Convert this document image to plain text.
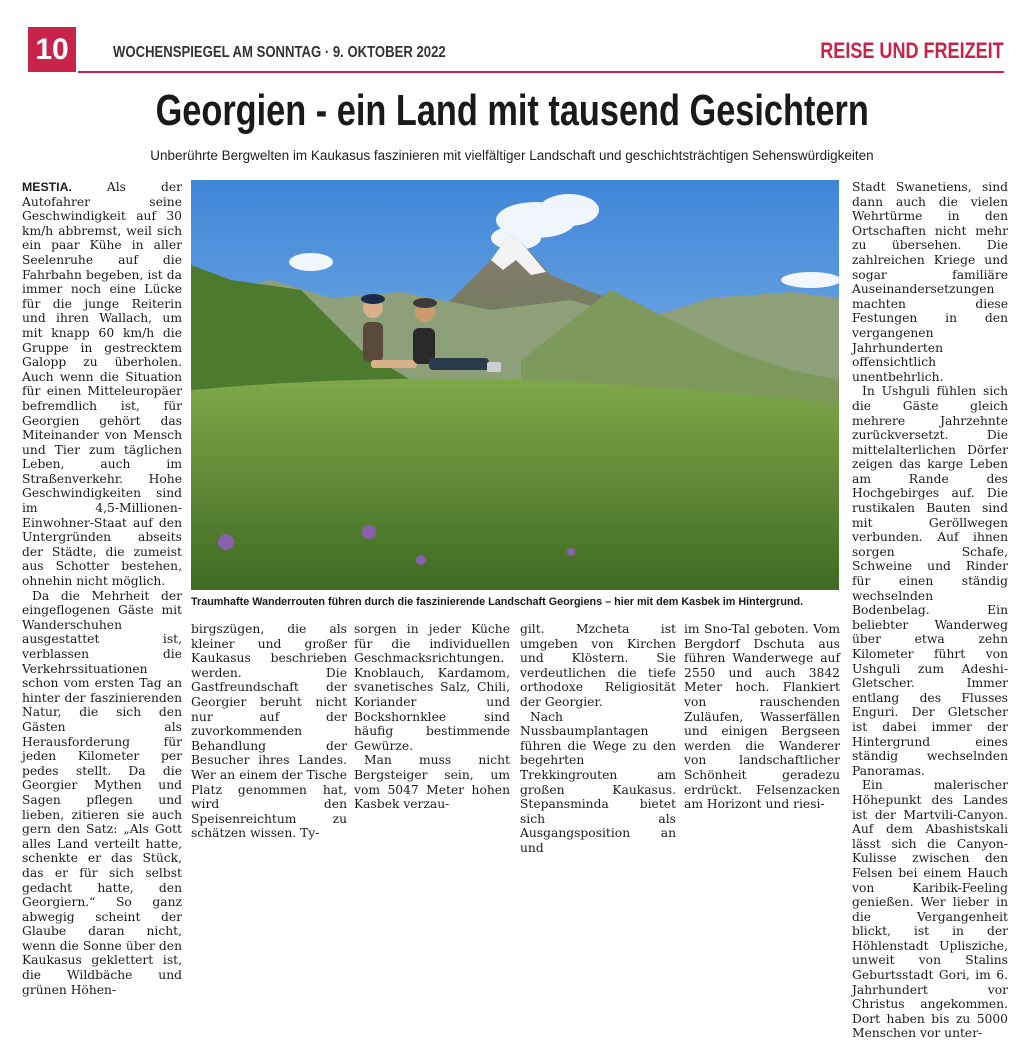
10	WOCHENSPIEGEL AM SONNTAG · 9. OKTOBER 2022	REISE UND FREIZEIT
Georgien - ein Land mit tausend Gesichtern
Unberührte Bergwelten im Kaukasus faszinieren mit vielfältiger Landschaft und geschichtsträchtigen Sehenswürdigkeiten

MESTIA.	Als der Autofahrer seine Geschwindigkeit auf 30 km/h abbremst, weil sich ein paar Kühe in aller Seelenruhe auf die Fahrbahn begeben, ist da immer noch eine Lücke für die junge Reiterin und ihren Wallach, um mit knapp 60 km/h die Gruppe in gestrecktem Galopp zu überholen. Auch wenn die Situation für einen Mitteleuropäer befremdlich ist, für Georgien gehört das Miteinander von Mensch und Tier zum täglichen Leben, auch im Straßenverkehr. Hohe Geschwindigkeiten sind im 4,5-Millionen-Einwohner-Staat auf den Untergründen abseits der Städte, die zumeist aus Schotter bestehen, ohnehin nicht möglich.

Da die Mehrheit der eingeflogenen Gäste mit Wanderschuhen ausgestattet ist, verblassen die Verkehrssituationen schon vom ersten Tag an hinter der faszinierenden Natur, die sich den Gästen als Herausforderung für jeden Kilometer per pedes stellt. Da die Georgier Mythen und Sagen pflegen und lieben, zitieren sie auch gern den Satz: „Als Gott alles Land verteilt hatte, schenkte er das Stück, das er für sich selbst gedacht hatte, den Georgiern.“ So ganz abwegig scheint der Glaube daran nicht, wenn die Sonne über den Kaukasus geklettert ist, die Wildbäche und grünen Höhen-

Traumhafte Wanderrouten führen durch die faszinierende Landschaft Georgiens – hier mit dem Kasbek im Hintergrund.

birgszügen, die als kleiner und großer Kaukasus beschrieben werden. Die Gastfreundschaft der Georgier beruht nicht nur auf der zuvorkommenden Behandlung der Besucher ihres Landes. Wer an einem der Tische Platz genommen hat, wird den Speisenreichtum zu schätzen wissen. Ty-

sorgen in jeder Küche für die individuellen Geschmacksrichtungen. Knoblauch, Kardamom, svanetisches Salz, Chili, Koriander und Bockshornklee sind häufig bestimmende Gewürze.

Man muss nicht Bergsteiger sein, um vom 5047 Meter hohen Kasbek verzau-

gilt. Mzcheta ist umgeben von Kirchen und Klöstern. Sie verdeutlichen die tiefe orthodoxe Religiosität der Georgier.

Nach Nussbaumplantagen führen die Wege zu den begehrten Trekkingrouten am großen Kaukasus. Stepansminda bietet sich als Ausgangsposition an und

im Sno-Tal geboten. Vom Bergdorf Dschuta aus führen Wanderwege auf 2550 und auch 3842 Meter hoch. Flankiert von rauschenden Zuläufen, Wasserfällen und einigen Bergseen werden die Wanderer von landschaftlicher Schönheit geradezu erdrückt. Felsenzacken am Horizont und riesi-

Stadt Swanetiens, sind dann auch die vielen Wehrtürme in den Ortschaften nicht mehr zu übersehen. Die zahlreichen Kriege und sogar familiäre Auseinandersetzungen machten diese Festungen in den vergangenen Jahrhunderten offensichtlich unentbehrlich.

In Ushguli fühlen sich die Gäste gleich mehrere Jahrzehnte zurückversetzt. Die mittelalterlichen Dörfer zeigen das karge Leben am Rande des Hochgebirges auf. Die rustikalen Bauten sind mit Geröllwegen verbunden. Auf ihnen sorgen Schafe, Schweine und Rinder für einen ständig wechselnden Bodenbelag. Ein beliebter Wanderweg über etwa zehn Kilometer führt von Ushguli zum Adeshi-Gletscher. Immer entlang des Flusses Enguri. Der Gletscher ist dabei immer der Hintergrund eines ständig wechselnden Panoramas.

Ein malerischer Höhepunkt des Landes ist der Martvili-Canyon. Auf dem Abashistskali lässt sich die Canyon-Kulisse zwischen den Felsen bei einem Hauch von Karibik-Feeling genießen. Wer lieber in die Vergangenheit blickt, ist in der Höhlenstadt Uplisziche, unweit von Stalins Geburtsstadt Gori, im 6. Jahrhundert vor Christus angekommen. Dort haben bis zu 5000 Menschen vor unter-
